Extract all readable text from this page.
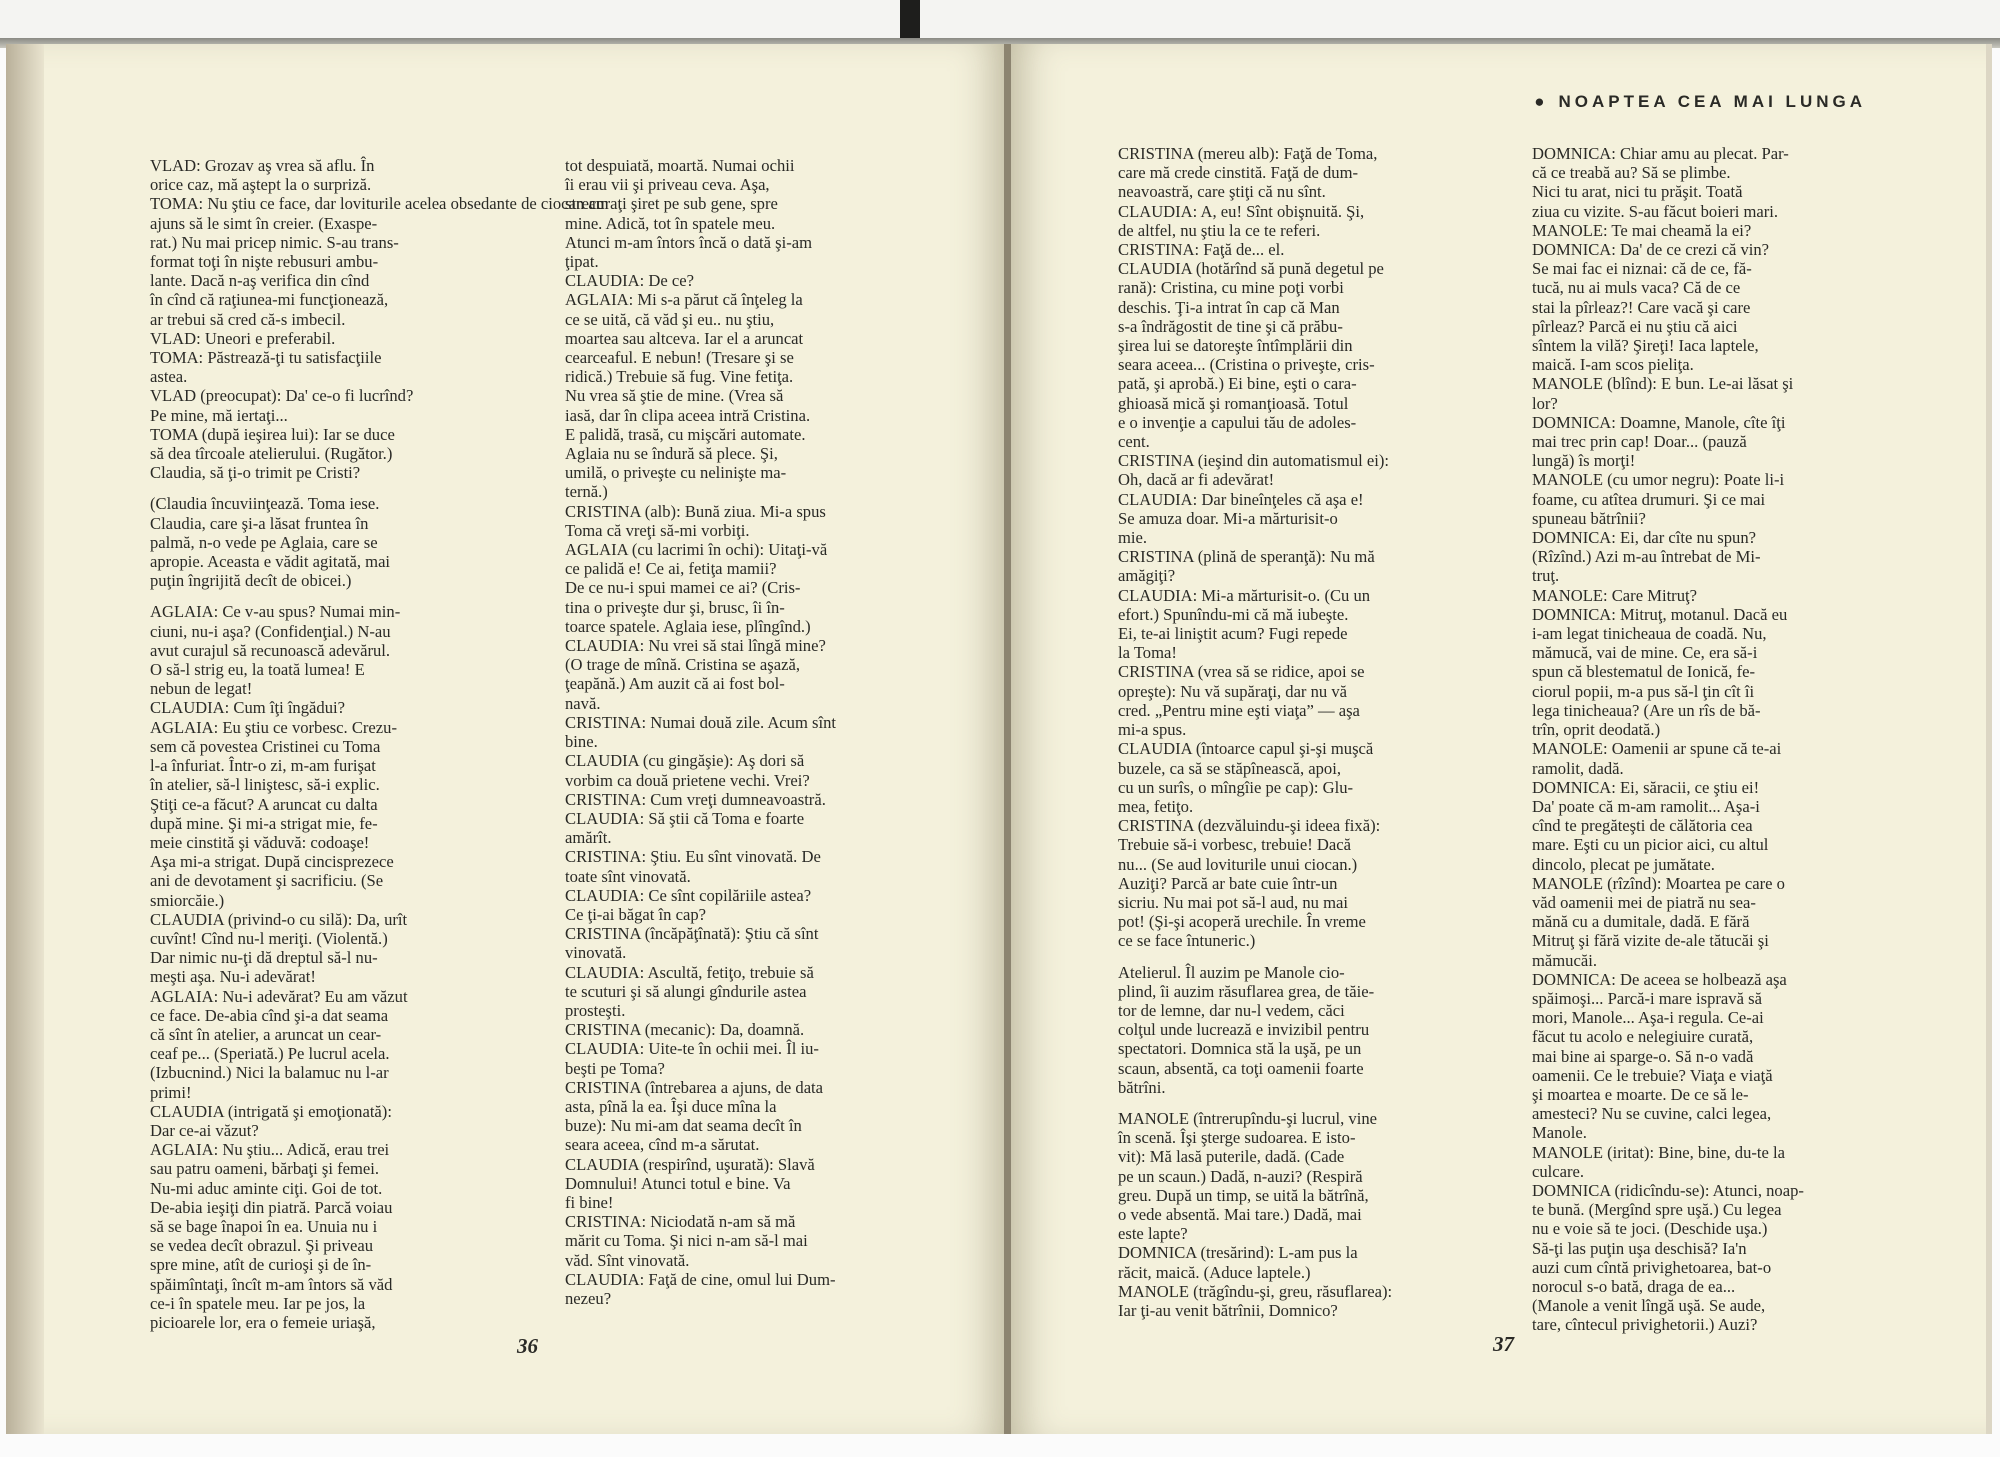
VLAD: Grozav aş vrea să aflu. În
orice caz, mă aştept la o surpriză.
TOMA: Nu ştiu ce face, dar loviturile acelea obsedante de ciocan am
ajuns să le simt în creier. (Exaspe-
rat.) Nu mai pricep nimic. S-au trans-
format toţi în nişte rebusuri ambu-
lante. Dacă n-aş verifica din cînd
în cînd că raţiunea-mi funcţionează,
ar trebui să cred că-s imbecil.
VLAD: Uneori e preferabil.
TOMA: Păstrează-ţi tu satisfacţiile
astea.
VLAD (preocupat): Da' ce-o fi lucrînd?
Pe mine, mă iertaţi...
TOMA (după ieşirea lui): Iar se duce
să dea tîrcoale atelierului. (Rugător.)
Claudia, să ţi-o trimit pe Cristi?
(Claudia încuviinţează. Toma iese.
Claudia, care şi-a lăsat fruntea în
palmă, n-o vede pe Aglaia, care se
apropie. Aceasta e vădit agitată, mai
puţin îngrijită decît de obicei.)
AGLAIA: Ce v-au spus? Numai min-
ciuni, nu-i aşa? (Confidenţial.) N-au
avut curajul să recunoască adevărul.
O să-l strig eu, la toată lumea! E
nebun de legat!
CLAUDIA: Cum îţi îngădui?
AGLAIA: Eu ştiu ce vorbesc. Crezu-
sem că povestea Cristinei cu Toma
l-a înfuriat. Într-o zi, m-am furişat
în atelier, să-l liniştesc, să-i explic.
Ştiţi ce-a făcut? A aruncat cu dalta
după mine. Şi mi-a strigat mie, fe-
meie cinstită şi văduvă: codoaşe!
Aşa mi-a strigat. După cincisprezece
ani de devotament şi sacrificiu. (Se
smiorcăie.)
CLAUDIA (privind-o cu silă): Da, urît
cuvînt! Cînd nu-l meriţi. (Violentă.)
Dar nimic nu-ţi dă dreptul să-l nu-
meşti aşa. Nu-i adevărat!
AGLAIA: Nu-i adevărat? Eu am văzut
ce face. De-abia cînd şi-a dat seama
că sînt în atelier, a aruncat un cear-
ceaf pe... (Speriată.) Pe lucrul acela.
(Izbucnind.) Nici la balamuc nu l-ar
primi!
CLAUDIA (intrigată şi emoţionată):
Dar ce-ai văzut?
AGLAIA: Nu ştiu... Adică, erau trei
sau patru oameni, bărbaţi şi femei.
Nu-mi aduc aminte ciţi. Goi de tot.
De-abia ieşiţi din piatră. Parcă voiau
să se bage înapoi în ea. Unuia nu i
se vedea decît obrazul. Şi priveau
spre mine, atît de curioşi şi de în-
spăimîntaţi, încît m-am întors să văd
ce-i în spatele meu. Iar pe jos, la
picioarele lor, era o femeie uriaşă,
tot despuiată, moartă. Numai ochii
îi erau vii şi priveau ceva. Aşa,
strecuraţi şiret pe sub gene, spre
mine. Adică, tot în spatele meu.
Atunci m-am întors încă o dată şi-am
ţipat.
CLAUDIA: De ce?
AGLAIA: Mi s-a părut că înţeleg la
ce se uită, că văd şi eu.. nu ştiu,
moartea sau altceva. Iar el a aruncat
cearceaful. E nebun! (Tresare şi se
ridică.) Trebuie să fug. Vine fetiţa.
Nu vrea să ştie de mine. (Vrea să
iasă, dar în clipa aceea intră Cristina.
E palidă, trasă, cu mişcări automate.
Aglaia nu se îndură să plece. Şi,
umilă, o priveşte cu nelinişte ma-
ternă.)
CRISTINA (alb): Bună ziua. Mi-a spus
Toma că vreţi să-mi vorbiţi.
AGLAIA (cu lacrimi în ochi): Uitaţi-vă
ce palidă e! Ce ai, fetiţa mamii?
De ce nu-i spui mamei ce ai? (Cris-
tina o priveşte dur şi, brusc, îi în-
toarce spatele. Aglaia iese, plîngînd.)
CLAUDIA: Nu vrei să stai lîngă mine?
(O trage de mînă. Cristina se aşază,
ţeapănă.) Am auzit că ai fost bol-
navă.
CRISTINA: Numai două zile. Acum sînt
bine.
CLAUDIA (cu gingăşie): Aş dori să
vorbim ca două prietene vechi. Vrei?
CRISTINA: Cum vreţi dumneavoastră.
CLAUDIA: Să ştii că Toma e foarte
amărît.
CRISTINA: Ştiu. Eu sînt vinovată. De
toate sînt vinovată.
CLAUDIA: Ce sînt copilăriile astea?
Ce ţi-ai băgat în cap?
CRISTINA (încăpăţînată): Ştiu că sînt
vinovată.
CLAUDIA: Ascultă, fetiţo, trebuie să
te scuturi şi să alungi gîndurile astea
prosteşti.
CRISTINA (mecanic): Da, doamnă.
CLAUDIA: Uite-te în ochii mei. Îl iu-
beşti pe Toma?
CRISTINA (întrebarea a ajuns, de data
asta, pînă la ea. Îşi duce mîna la
buze): Nu mi-am dat seama decît în
seara aceea, cînd m-a sărutat.
CLAUDIA (respirînd, uşurată): Slavă
Domnului! Atunci totul e bine. Va
fi bine!
CRISTINA: Niciodată n-am să mă
mărit cu Toma. Şi nici n-am să-l mai
văd. Sînt vinovată.
CLAUDIA: Faţă de cine, omul lui Dum-
nezeu?
36
● NOAPTEA CEA MAI LUNGA
CRISTINA (mereu alb): Faţă de Toma,
care mă crede cinstită. Faţă de dum-
neavoastră, care ştiţi că nu sînt.
CLAUDIA: A, eu! Sînt obişnuită. Şi,
de altfel, nu ştiu la ce te referi.
CRISTINA: Faţă de... el.
CLAUDIA (hotărînd să pună degetul pe
rană): Cristina, cu mine poţi vorbi
deschis. Ţi-a intrat în cap că Man
s-a îndrăgostit de tine şi că prăbu-
şirea lui se datoreşte întîmplării din
seara aceea... (Cristina o priveşte, cris-
pată, şi aprobă.) Ei bine, eşti o cara-
ghioasă mică şi romanţioasă. Totul
e o invenţie a capului tău de adoles-
cent.
CRISTINA (ieşind din automatismul ei):
Oh, dacă ar fi adevărat!
CLAUDIA: Dar bineînţeles că aşa e!
Se amuza doar. Mi-a mărturisit-o
mie.
CRISTINA (plină de speranţă): Nu mă
amăgiţi?
CLAUDIA: Mi-a mărturisit-o. (Cu un
efort.) Spunîndu-mi că mă iubeşte.
Ei, te-ai liniştit acum? Fugi repede
la Toma!
CRISTINA (vrea să se ridice, apoi se
opreşte): Nu vă supăraţi, dar nu vă
cred. „Pentru mine eşti viaţa” — aşa
mi-a spus.
CLAUDIA (întoarce capul şi-şi muşcă
buzele, ca să se stăpînească, apoi,
cu un surîs, o mîngîie pe cap): Glu-
mea, fetiţo.
CRISTINA (dezvăluindu-şi ideea fixă):
Trebuie să-i vorbesc, trebuie! Dacă
nu... (Se aud loviturile unui ciocan.)
Auziţi? Parcă ar bate cuie într-un
sicriu. Nu mai pot să-l aud, nu mai
pot! (Şi-şi acoperă urechile. În vreme
ce se face întuneric.)
Atelierul. Îl auzim pe Manole cio-
plind, îi auzim răsuflarea grea, de tăie-
tor de lemne, dar nu-l vedem, căci
colţul unde lucrează e invizibil pentru
spectatori. Domnica stă la uşă, pe un
scaun, absentă, ca toţi oamenii foarte
bătrîni.
MANOLE (întrerupîndu-şi lucrul, vine
în scenă. Îşi şterge sudoarea. E isto-
vit): Mă lasă puterile, dadă. (Cade
pe un scaun.) Dadă, n-auzi? (Respiră
greu. După un timp, se uită la bătrînă,
o vede absentă. Mai tare.) Dadă, mai
este lapte?
DOMNICA (tresărind): L-am pus la
răcit, maică. (Aduce laptele.)
MANOLE (trăgîndu-şi, greu, răsuflarea):
Iar ţi-au venit bătrînii, Domnico?
DOMNICA: Chiar amu au plecat. Par-
că ce treabă au? Să se plimbe.
Nici tu arat, nici tu prăşit. Toată
ziua cu vizite. S-au făcut boieri mari.
MANOLE: Te mai cheamă la ei?
DOMNICA: Da' de ce crezi că vin?
Se mai fac ei niznai: că de ce, fă-
tucă, nu ai muls vaca? Că de ce
stai la pîrleaz?! Care vacă şi care
pîrleaz? Parcă ei nu ştiu că aici
sîntem la vilă? Şireţi! Iaca laptele,
maică. I-am scos pieliţa.
MANOLE (blînd): E bun. Le-ai lăsat şi
lor?
DOMNICA: Doamne, Manole, cîte îţi
mai trec prin cap! Doar... (pauză
lungă) îs morţi!
MANOLE (cu umor negru): Poate li-i
foame, cu atîtea drumuri. Şi ce mai
spuneau bătrînii?
DOMNICA: Ei, dar cîte nu spun?
(Rîzînd.) Azi m-au întrebat de Mi-
truţ.
MANOLE: Care Mitruţ?
DOMNICA: Mitruţ, motanul. Dacă eu
i-am legat tinicheaua de coadă. Nu,
mămucă, vai de mine. Ce, era să-i
spun că blestematul de Ionică, fe-
ciorul popii, m-a pus să-l ţin cît îi
lega tinicheaua? (Are un rîs de bă-
trîn, oprit deodată.)
MANOLE: Oamenii ar spune că te-ai
ramolit, dadă.
DOMNICA: Ei, săracii, ce ştiu ei!
Da' poate că m-am ramolit... Aşa-i
cînd te pregăteşti de călătoria cea
mare. Eşti cu un picior aici, cu altul
dincolo, plecat pe jumătate.
MANOLE (rîzînd): Moartea pe care o
văd oamenii mei de piatră nu sea-
mănă cu a dumitale, dadă. E fără
Mitruţ şi fără vizite de-ale tătucăi şi
mămucăi.
DOMNICA: De aceea se holbează aşa
spăimoşi... Parcă-i mare ispravă să
mori, Manole... Aşa-i regula. Ce-ai
făcut tu acolo e nelegiuire curată,
mai bine ai sparge-o. Să n-o vadă
oamenii. Ce le trebuie? Viaţa e viaţă
şi moartea e moarte. De ce să le-
amesteci? Nu se cuvine, calci legea,
Manole.
MANOLE (iritat): Bine, bine, du-te la
culcare.
DOMNICA (ridicîndu-se): Atunci, noap-
te bună. (Mergînd spre uşă.) Cu legea
nu e voie să te joci. (Deschide uşa.)
Să-ţi las puţin uşa deschisă? Ia'n
auzi cum cîntă privighetoarea, bat-o
norocul s-o bată, draga de ea...
(Manole a venit lîngă uşă. Se aude,
tare, cîntecul privighetorii.) Auzi?
37
